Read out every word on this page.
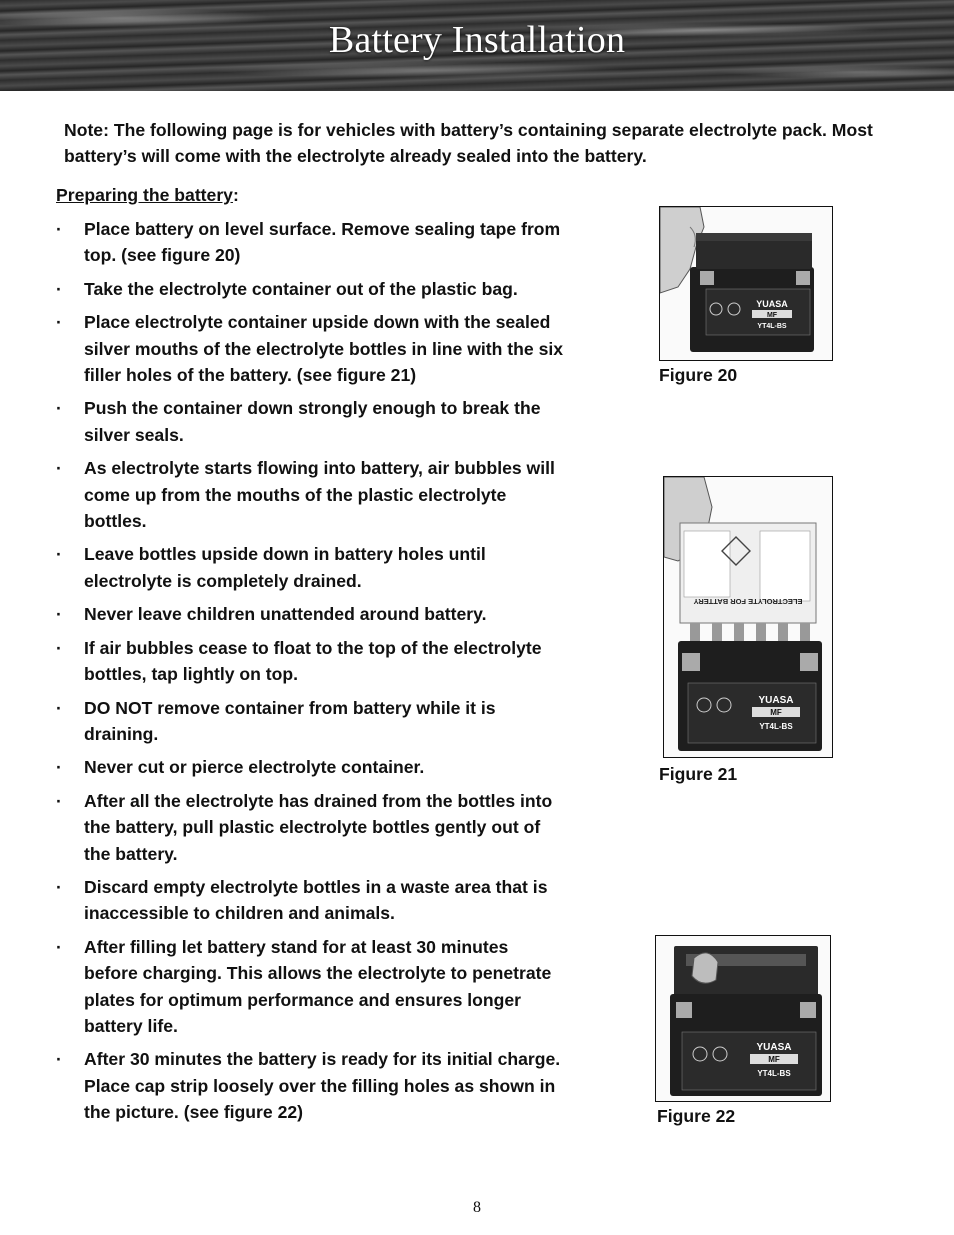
Battery Installation
Note: The following page is for vehicles with battery’s containing separate electrolyte pack. Most battery’s will come with the electrolyte already sealed into the battery.
Preparing the battery:
·	Place battery on level surface. Remove sealing tape from top. (see figure 20)
·	Take the electrolyte container out of the plastic bag.
·	Place electrolyte container upside down with the sealed silver mouths of the electrolyte bottles in line with the six filler holes of the battery. (see figure 21)
·	Push the container down strongly enough to break the silver seals.
·	As electrolyte starts flowing into battery, air bubbles will come up from the mouths of the plastic electrolyte bottles.
·	Leave bottles upside down in battery holes until electrolyte is completely drained.
·	Never leave children unattended around battery.
·	If air bubbles cease to float to the top of the electrolyte bottles, tap lightly on top.
·	DO NOT remove container from battery while it is draining.
·	Never cut or pierce electrolyte container.
·	After all the electrolyte has drained from the bottles into the battery, pull plastic electrolyte bottles gently out of the battery.
·	Discard empty electrolyte bottles in a waste area that is inaccessible to children and animals.
·	After filling let battery stand for at least 30 minutes before charging. This allows the electrolyte to penetrate plates for optimum performance and ensures longer battery life.
·	After 30 minutes the battery is ready for its initial charge. Place cap strip loosely over the filling holes as shown in the picture. (see figure 22)
YUASA
MF
YT4L-BS
Figure 20
ELECTROLYTE FOR BATTERY
YUASA
MF
YT4L-BS
Figure 21
YUASA
MF
YT4L-BS
Figure 22
8
